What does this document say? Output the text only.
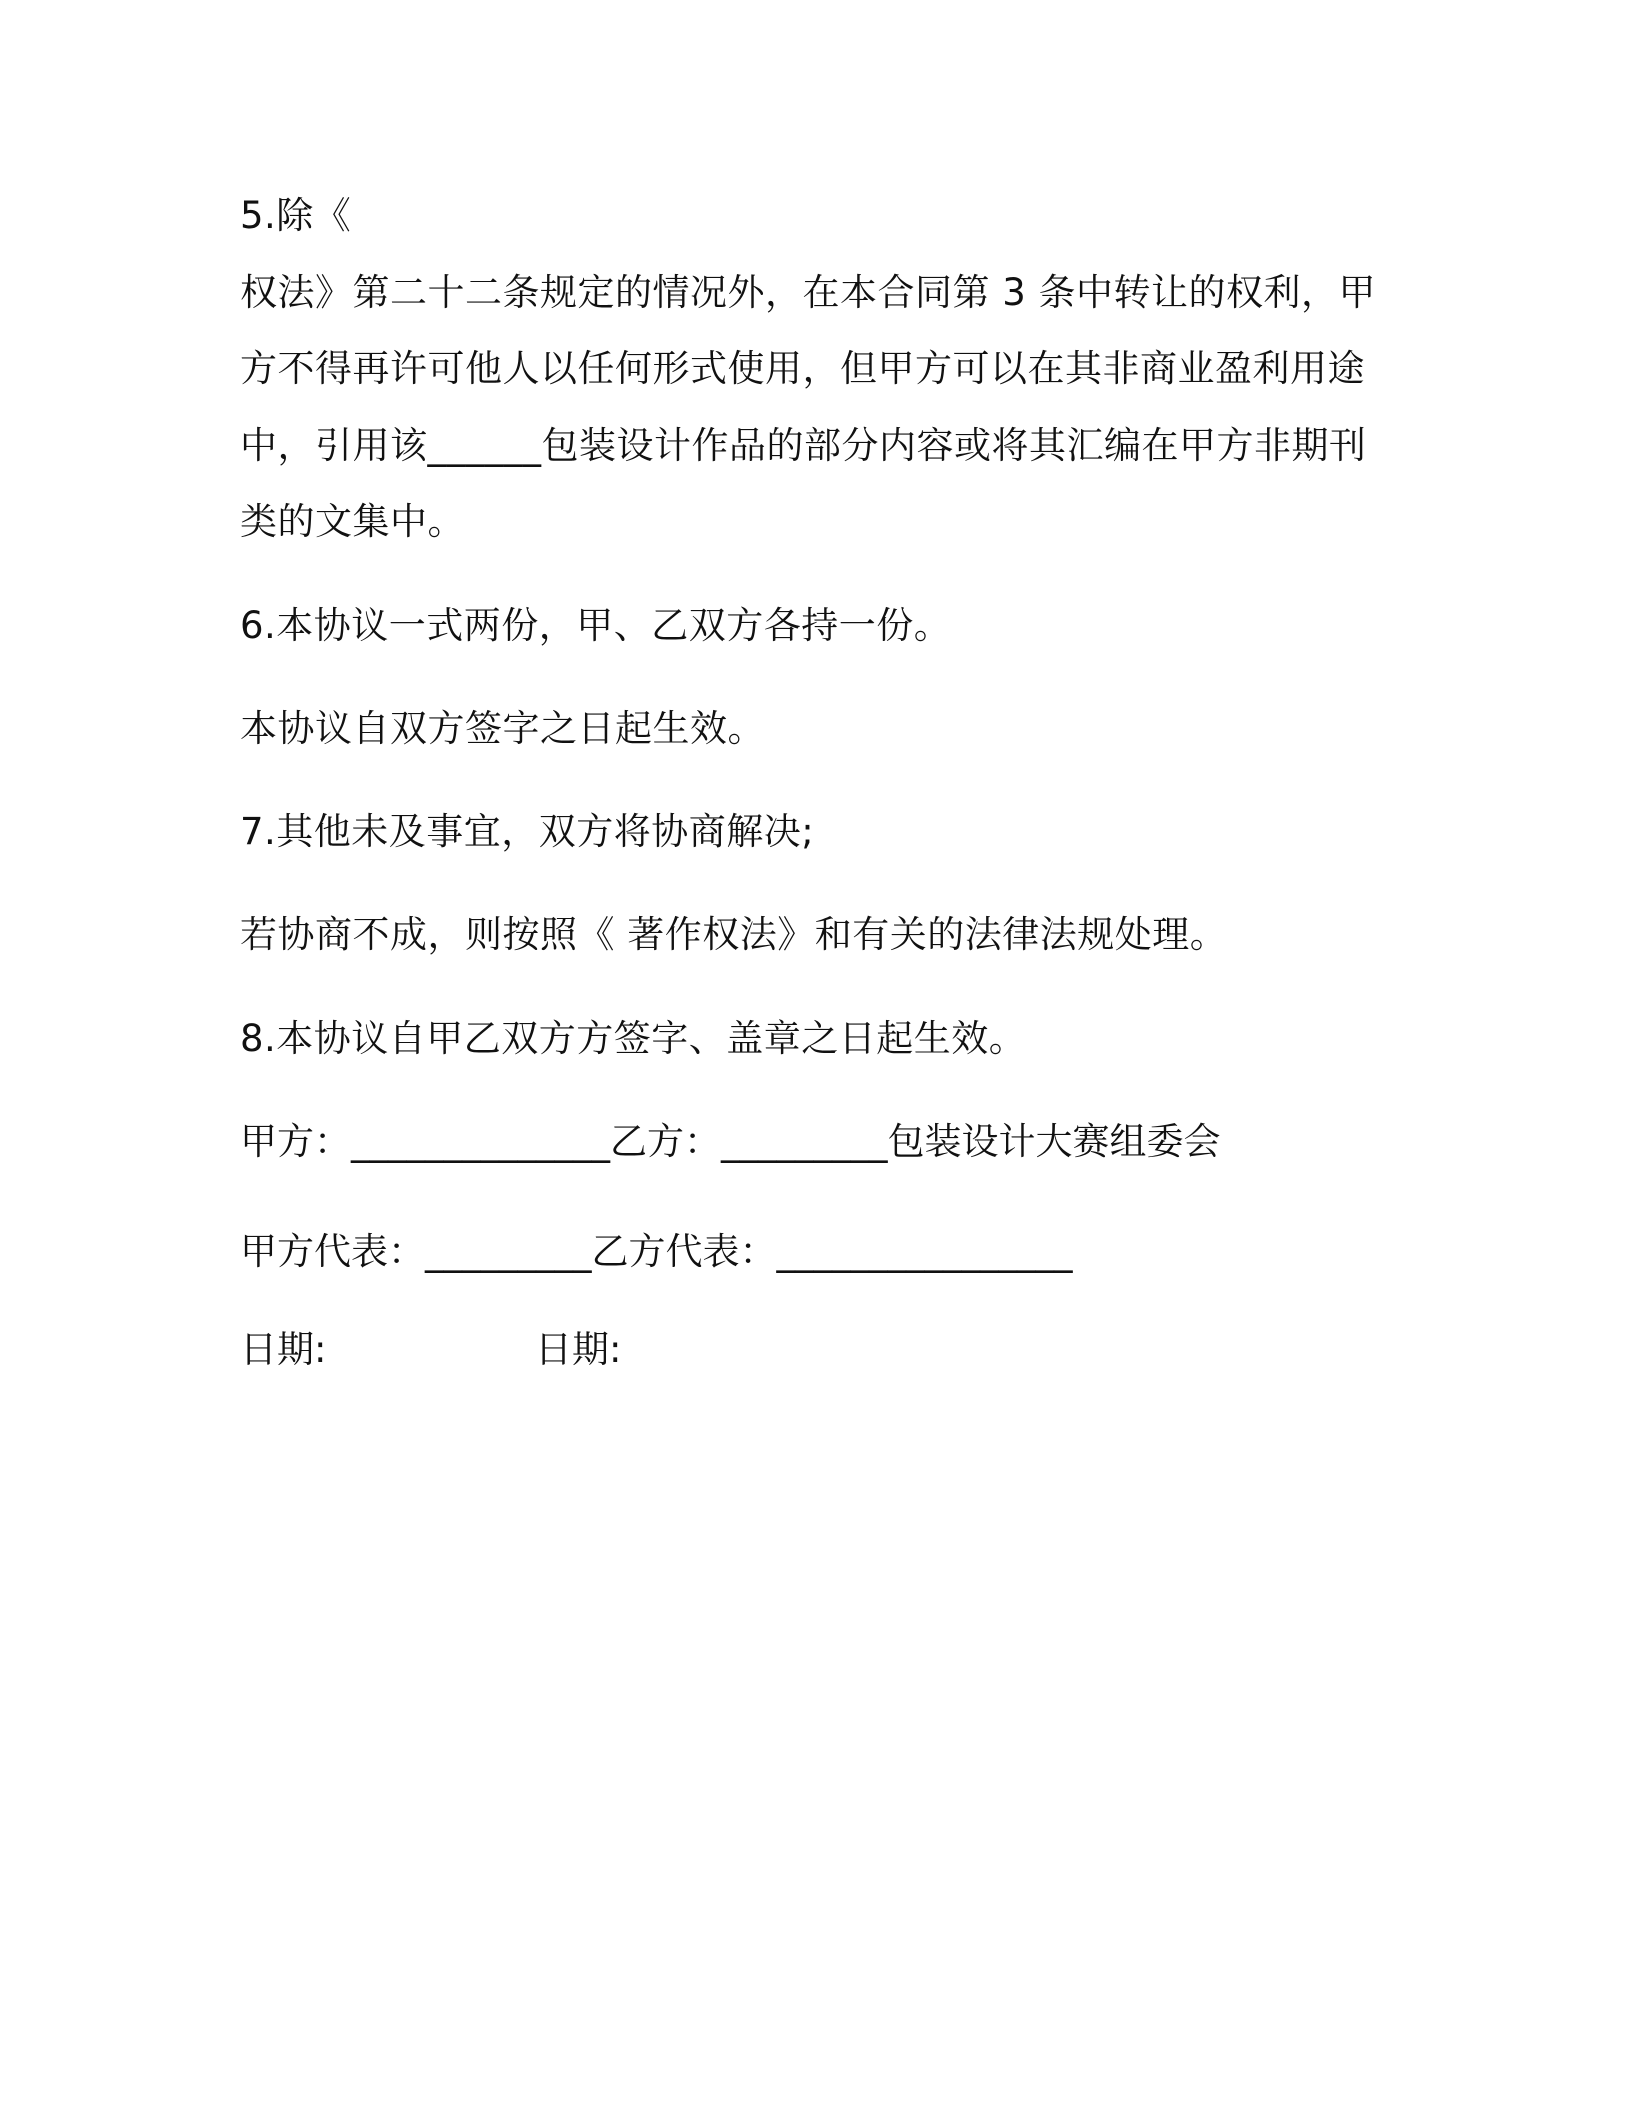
5.除《
权法》第二十二条规定的情况外，在本合同第 3 条中转让的权利，甲
方不得再许可他人以任何形式使用，但甲方可以在其非商业盈利用途
中，引用该______包装设计作品的部分内容或将其汇编在甲方非期刊
类的文集中。
6.本协议一式两份，甲、乙双方各持一份。
本协议自双方签字之日起生效。
7.其他未及事宜，双方将协商解决;
若协商不成，则按照《 著作权法》和有关的法律法规处理。
8.本协议自甲乙双方方签字、盖章之日起生效。
甲方：______________乙方：_________包装设计大赛组委会
甲方代表：_________乙方代表：________________
日期:	日期:
